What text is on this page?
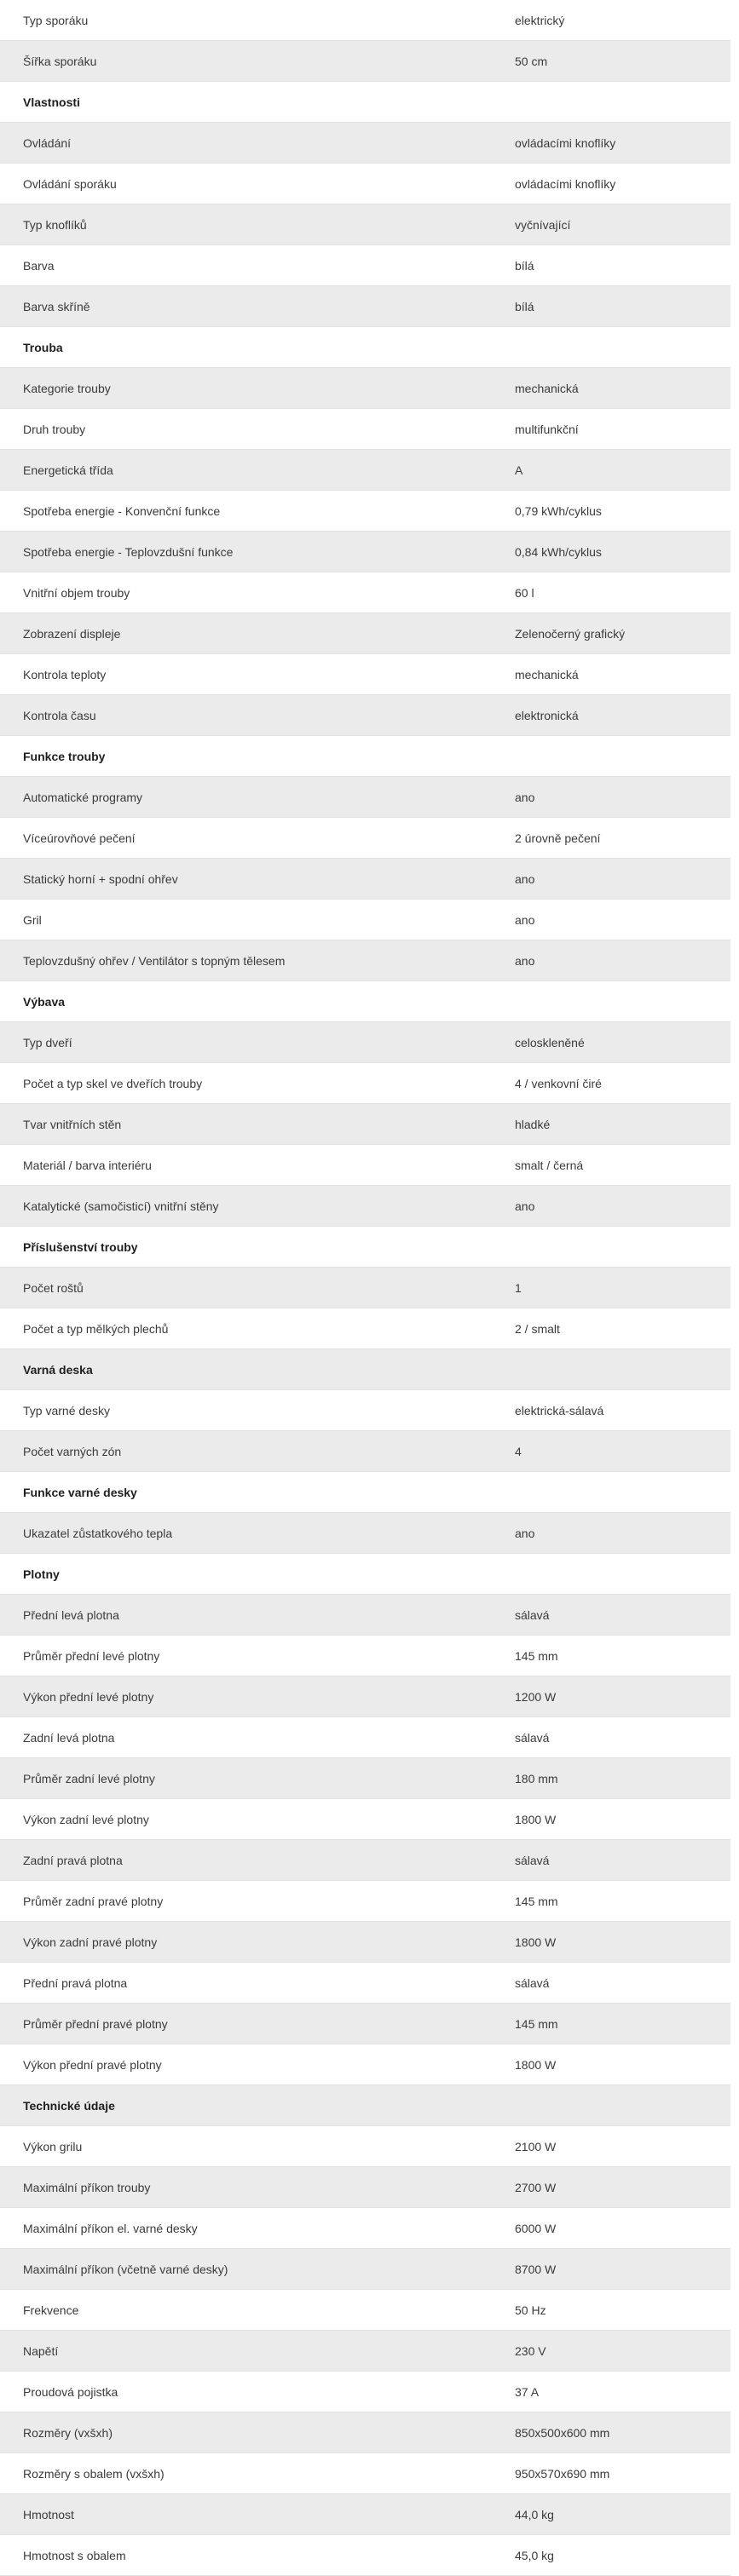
Typ sporáku	elektrický
Šířka sporáku	50 cm
Vlastnosti
Ovládání	ovládacími knoflíky
Ovládání sporáku	ovládacími knoflíky
Typ knoflíků	vyčnívající
Barva	bílá
Barva skříně	bílá
Trouba
Kategorie trouby	mechanická
Druh trouby	multifunkční
Energetická třída	A
Spotřeba energie - Konvenční funkce	0,79 kWh/cyklus
Spotřeba energie - Teplovzdušní funkce	0,84 kWh/cyklus
Vnitřní objem trouby	60 l
Zobrazení displeje	Zelenočerný grafický
Kontrola teploty	mechanická
Kontrola času	elektronická
Funkce trouby
Automatické programy	ano
Víceúrovňové pečení	2 úrovně pečení
Statický horní + spodní ohřev	ano
Gril	ano
Teplovzdušný ohřev / Ventilátor s topným tělesem	ano
Výbava
Typ dveří	celoskleněné
Počet a typ skel ve dveřích trouby	4 / venkovní čiré
Tvar vnitřních stěn	hladké
Materiál / barva interiéru	smalt / černá
Katalytické (samočisticí) vnitřní stěny	ano
Příslušenství trouby
Počet roštů	1
Počet a typ mělkých plechů	2 / smalt
Varná deska
Typ varné desky	elektrická-sálavá
Počet varných zón	4
Funkce varné desky
Ukazatel zůstatkového tepla	ano
Plotny
Přední levá plotna	sálavá
Průměr přední levé plotny	145 mm
Výkon přední levé plotny	1200 W
Zadní levá plotna	sálavá
Průměr zadní levé plotny	180 mm
Výkon zadní levé plotny	1800 W
Zadní pravá plotna	sálavá
Průměr zadní pravé plotny	145 mm
Výkon zadní pravé plotny	1800 W
Přední pravá plotna	sálavá
Průměr přední pravé plotny	145 mm
Výkon přední pravé plotny	1800 W
Technické údaje
Výkon grilu	2100 W
Maximální příkon trouby	2700 W
Maximální příkon el. varné desky	6000 W
Maximální příkon (včetně varné desky)	8700 W
Frekvence	50 Hz
Napětí	230 V
Proudová pojistka	37 A
Rozměry (vxšxh)	850x500x600 mm
Rozměry s obalem (vxšxh)	950x570x690 mm
Hmotnost	44,0 kg
Hmotnost s obalem	45,0 kg
